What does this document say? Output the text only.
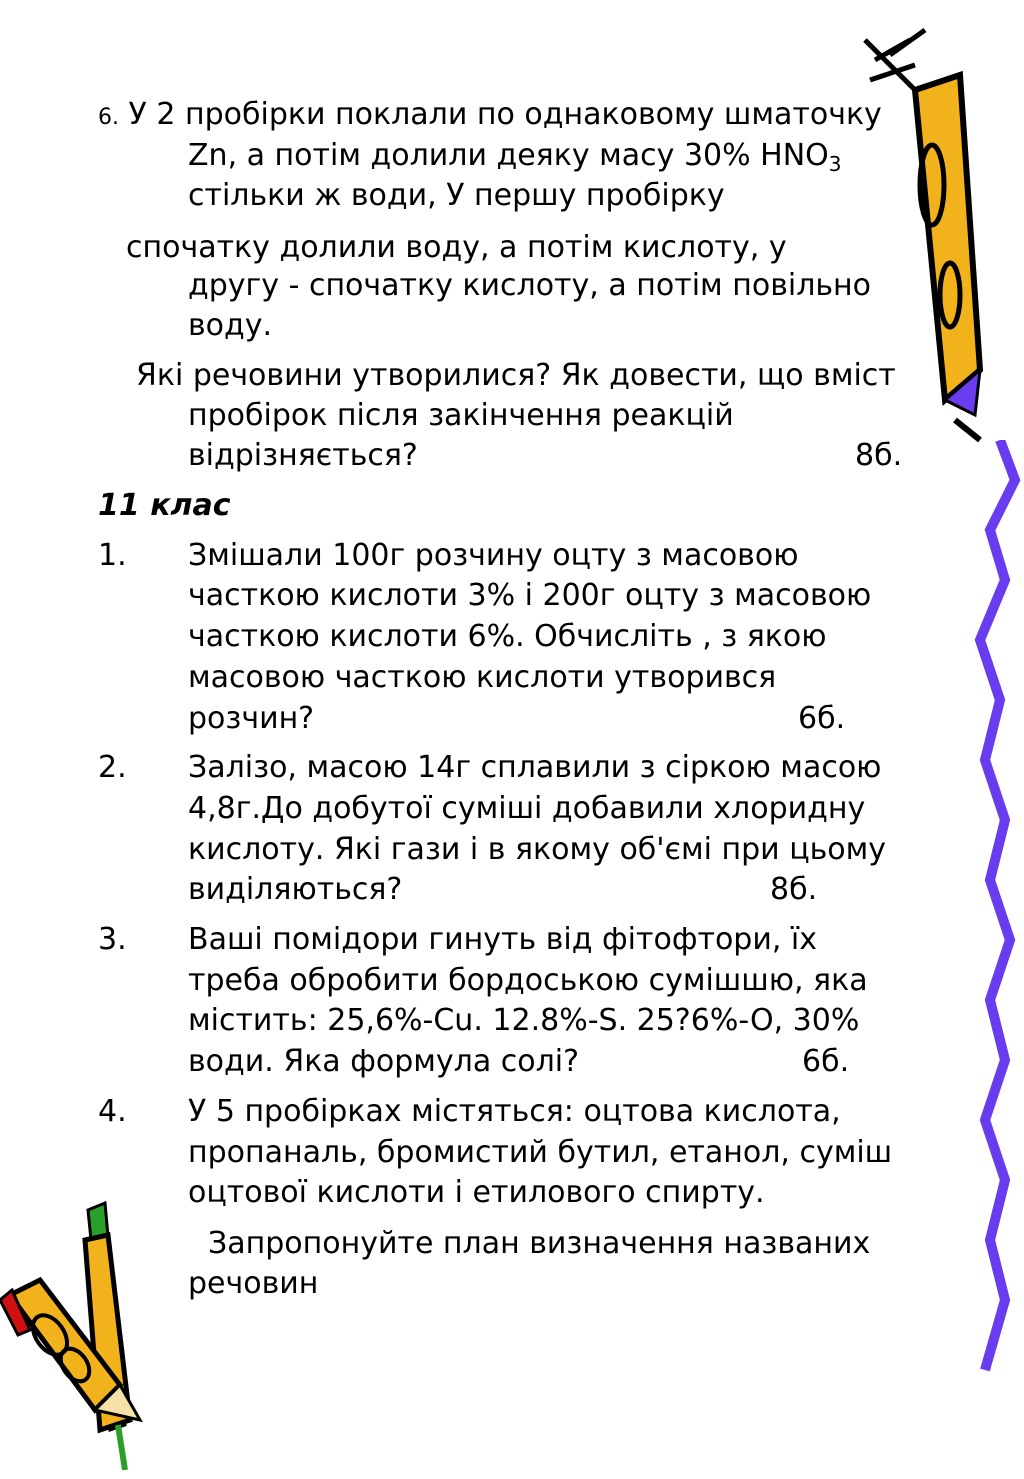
6. У 2 пробірки поклали по однаковому шматочку
Zn, а потім долили деяку масу 30% $HNO_3$
стільки ж води, У першу пробірку
спочатку долили воду, а потім кислоту, у
другу - спочатку кислоту, а потім повільно
воду.
Які речовини утворилися? Як довести, що вміст
пробірок після закінчення реакцій
відрізняється?	8б.
11 клас
1. Змішали 100г розчину оцту з масовою
часткою кислоти 3% і 200г оцту з масовою
часткою кислоти 6%. Обчисліть , з якою
масовою часткою кислоти утворився
розчин?	6б.
2. Залізо, масою 14г сплавили з сіркою масою
4,8г.До добутої суміші добавили хлоридну
кислоту. Які гази і в якому об'ємі при цьому
виділяються?	8б.
3. Ваші помідори гинуть від фітофтори, їх
треба обробити бордоською сумішшю, яка
містить: 25,6%-Cu. 12.8%-S. 25?6%-O, 30%
води. Яка формула солі?	6б.
4. У 5 пробірках містяться: оцтова кислота,
пропаналь, бромистий бутил, етанол, суміш
оцтової кислоти і етилового спирту.
Запропонуйте план визначення названих
речовин
